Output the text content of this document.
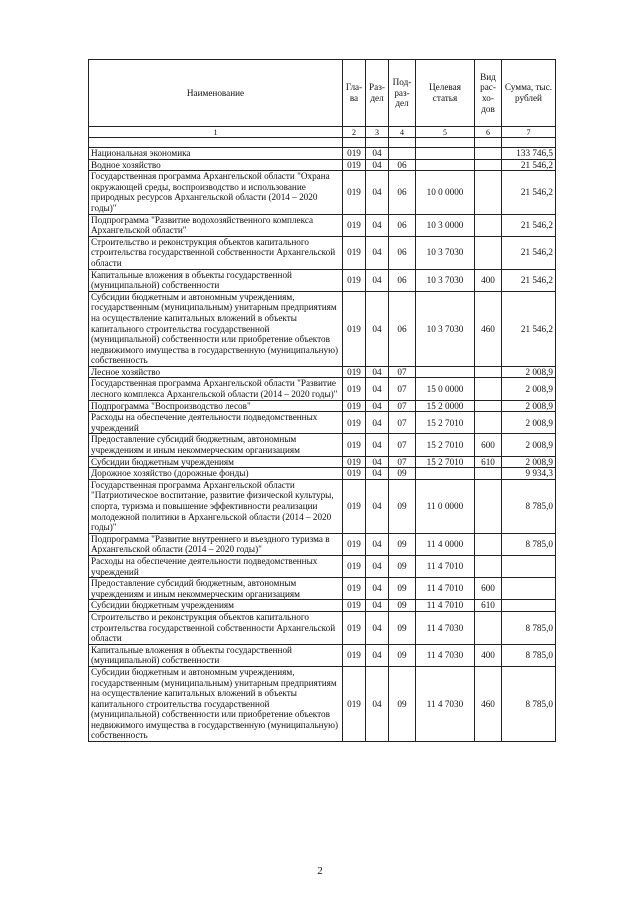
Наименование	Гла-ва	Раз-дел	Под-раз-дел	Целевая статья	Вид рас-хо-дов	Сумма, тыс. рублей
1	2	3	4	5	6	7

Национальная экономика	019	04				133 746,5
Водное хозяйство	019	04	06			21 546,2
Государственная программа Архангельской области "Охрана окружающей среды, воспроизводство и использование природных ресурсов Архангельской области (2014 – 2020 годы)"	019	04	06	10 0 0000		21 546,2
Подпрограмма "Развитие водохозяйственного комплекса Архангельской области"	019	04	06	10 3 0000		21 546,2
Строительство и реконструкция объектов капитального строительства государственной собственности Архангельской области	019	04	06	10 3 7030		21 546,2
Капитальные вложения в объекты государственной (муниципальной) собственности	019	04	06	10 3 7030	400	21 546,2
Субсидии бюджетным и автономным учреждениям, государственным (муниципальным) унитарным предприятиям на осуществление капитальных вложений в объекты капитального строительства государственной (муниципальной) собственности или приобретение объектов недвижимого имущества в государственную (муниципальную) собственность	019	04	06	10 3 7030	460	21 546,2
Лесное хозяйство	019	04	07			2 008,9
Государственная программа Архангельской области "Развитие лесного комплекса Архангельской области (2014 – 2020 годы)"	019	04	07	15 0 0000		2 008,9
Подпрограмма "Воспроизводство лесов"	019	04	07	15 2 0000		2 008,9
Расходы на обеспечение деятельности подведомственных учреждений	019	04	07	15 2 7010		2 008,9
Предоставление субсидий бюджетным, автономным учреждениям и иным некоммерческим организациям	019	04	07	15 2 7010	600	2 008,9
Субсидии бюджетным учреждениям	019	04	07	15 2 7010	610	2 008,9
Дорожное хозяйство (дорожные фонды)	019	04	09			9 934,3
Государственная программа Архангельской области "Патриотическое воспитание, развитие физической культуры, спорта, туризма и повышение эффективности реализации молодежной политики в Архангельской области (2014 – 2020 годы)"	019	04	09	11 0 0000		8 785,0
Подпрограмма "Развитие внутреннего и въездного туризма в Архангельской области (2014 – 2020 годы)"	019	04	09	11 4 0000		8 785,0
Расходы на обеспечение деятельности подведомственных учреждений	019	04	09	11 4 7010		
Предоставление субсидий бюджетным, автономным учреждениям и иным некоммерческим организациям	019	04	09	11 4 7010	600	
Субсидии бюджетным учреждениям	019	04	09	11 4 7010	610	
Строительство и реконструкция объектов капитального строительства государственной собственности Архангельской области	019	04	09	11 4 7030		8 785,0
Капитальные вложения в объекты государственной (муниципальной) собственности	019	04	09	11 4 7030	400	8 785,0
Субсидии бюджетным и автономным учреждениям, государственным (муниципальным) унитарным предприятиям на осуществление капитальных вложений в объекты капитального строительства государственной (муниципальной) собственности или приобретение объектов недвижимого имущества в государственную (муниципальную) собственность	019	04	09	11 4 7030	460	8 785,0
2
